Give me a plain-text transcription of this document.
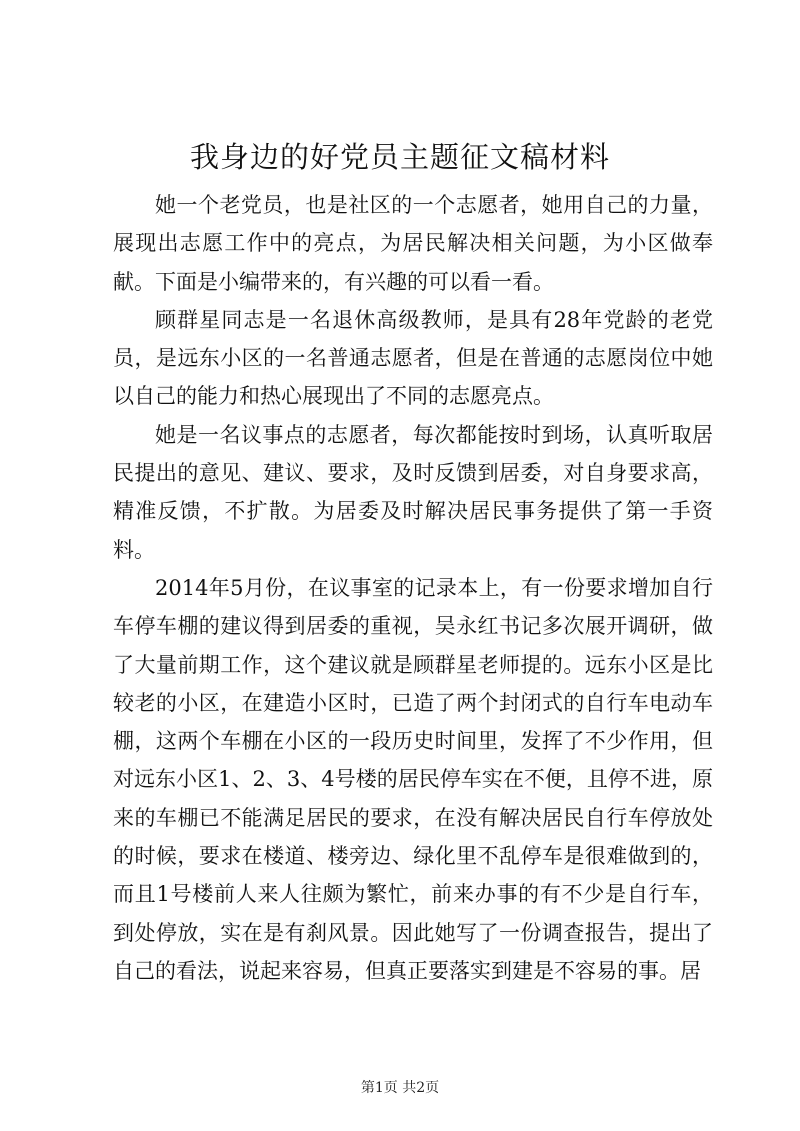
我身边的好党员主题征文稿材料

她一个老党员，也是社区的一个志愿者，她用自己的力量，展现出志愿工作中的亮点，为居民解决相关问题，为小区做奉献。下面是小编带来的，有兴趣的可以看一看。

顾群星同志是一名退休高级教师，是具有28年党龄的老党员，是远东小区的一名普通志愿者，但是在普通的志愿岗位中她以自己的能力和热心展现出了不同的志愿亮点。

她是一名议事点的志愿者，每次都能按时到场，认真听取居民提出的意见、建议、要求，及时反馈到居委，对自身要求高，精准反馈，不扩散。为居委及时解决居民事务提供了第一手资料。

2014年5月份，在议事室的记录本上，有一份要求增加自行车停车棚的建议得到居委的重视，吴永红书记多次展开调研，做了大量前期工作，这个建议就是顾群星老师提的。远东小区是比较老的小区，在建造小区时，已造了两个封闭式的自行车电动车棚，这两个车棚在小区的一段历史时间里，发挥了不少作用，但对远东小区1、2、3、4号楼的居民停车实在不便，且停不进，原来的车棚已不能满足居民的要求，在没有解决居民自行车停放处的时候，要求在楼道、楼旁边、绿化里不乱停车是很难做到的，而且1号楼前人来人往颇为繁忙，前来办事的有不少是自行车，到处停放，实在是有刹风景。因此她写了一份调查报告，提出了自己的看法，说起来容易，但真正要落实到建是不容易的事。居

第1页 共2页
